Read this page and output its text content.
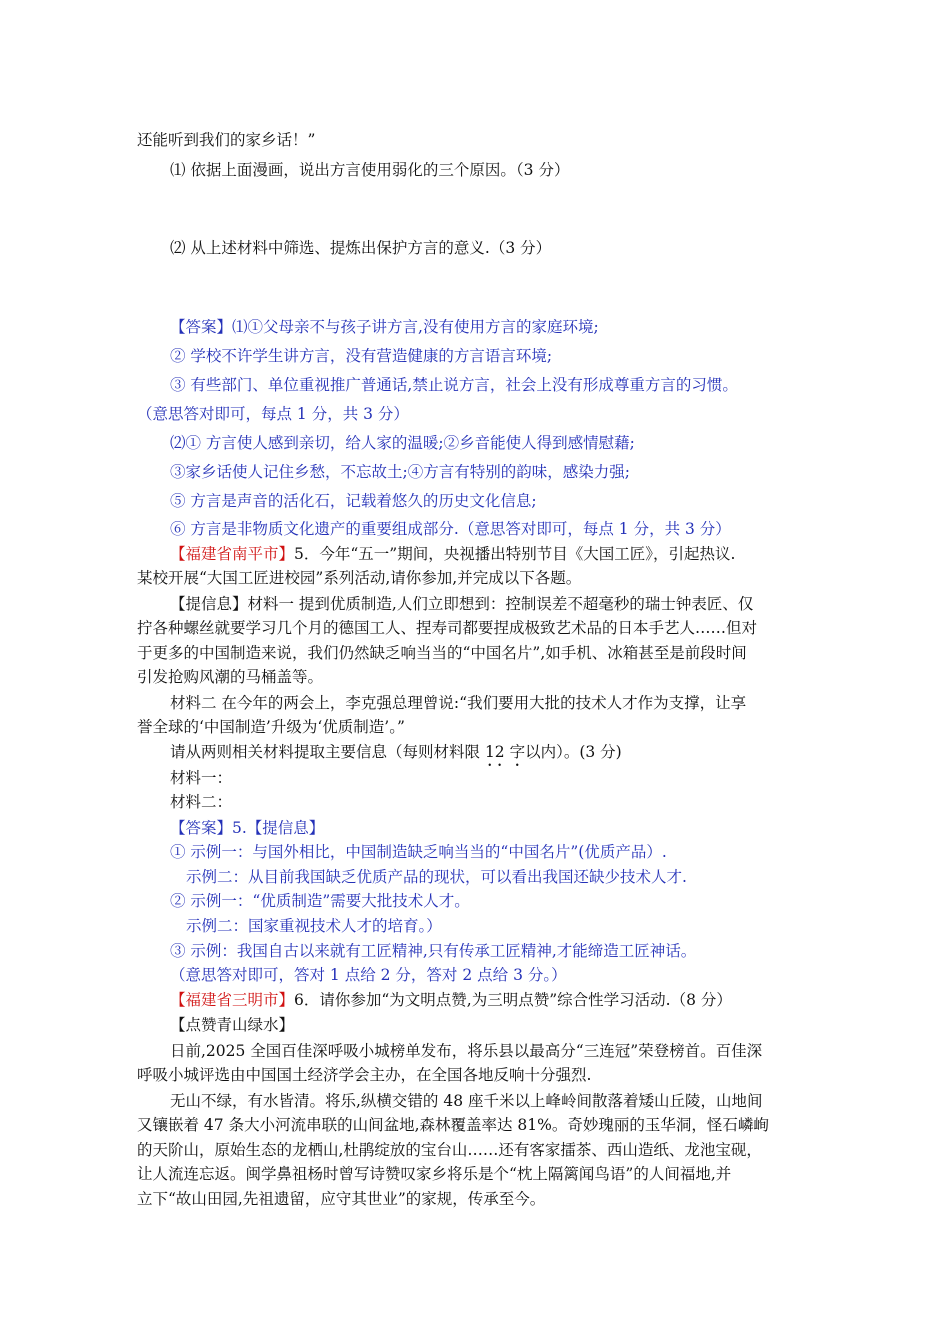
还能听到我们的家乡话！”
⑴ 依据上面漫画，说出方言使用弱化的三个原因。（3 分）
⑵ 从上述材料中筛选、提炼出保护方言的意义.（3 分）
【答案】⑴①父母亲不与孩子讲方言,没有使用方言的家庭环境;
② 学校不许学生讲方言，没有营造健康的方言语言环境;
③ 有些部门、单位重视推广普通话,禁止说方言，社会上没有形成尊重方言的习惯。
（意思答对即可，每点 1 分，共 3 分）
⑵① 方言使人感到亲切，给人家的温暖;②乡音能使人得到感情慰藉;
③家乡话使人记住乡愁，不忘故土;④方言有特别的韵味，感染力强;
⑤ 方言是声音的活化石，记载着悠久的历史文化信息;
⑥ 方言是非物质文化遗产的重要组成部分.（意思答对即可，每点 1 分，共 3 分）
【福建省南平市】5．今年“五一”期间，央视播出特别节目《大国工匠》，引起热议.
某校开展“大国工匠进校园”系列活动,请你参加,并完成以下各题。
【提信息】材料一 提到优质制造,人们立即想到：控制误差不超毫秒的瑞士钟表匠、仅
拧各种螺丝就要学习几个月的德国工人、捏寿司都要捏成极致艺术品的日本手艺人……但对
于更多的中国制造来说，我们仍然缺乏响当当的“中国名片”,如手机、冰箱甚至是前段时间
引发抢购风潮的马桶盖等。
材料二 在今年的两会上，李克强总理曾说:“我们要用大批的技术人才作为支撑，让享
誉全球的‘中国制造’升级为‘优质制造’。”
请从两则相关材料提取主要信息（每则材料限 12 字以内）。(3 分)
材料一：
材料二：
【答案】5.【提信息】
① 示例一：与国外相比，中国制造缺乏响当当的“中国名片”(优质产品）.
示例二：从目前我国缺乏优质产品的现状，可以看出我国还缺少技术人才.
② 示例一：“优质制造”需要大批技术人才。
示例二：国家重视技术人才的培育。）
③ 示例：我国自古以来就有工匠精神,只有传承工匠精神,才能缔造工匠神话。
（意思答对即可，答对 1 点给 2 分，答对 2 点给 3 分。）
【福建省三明市】6．请你参加“为文明点赞,为三明点赞”综合性学习活动.（8 分）
【点赞青山绿水】
日前,2025 全国百佳深呼吸小城榜单发布，将乐县以最高分“三连冠”荣登榜首。百佳深
呼吸小城评选由中国国土经济学会主办，在全国各地反响十分强烈.
无山不绿，有水皆清。将乐,纵横交错的 48 座千米以上峰岭间散落着矮山丘陵，山地间
又镶嵌着 47 条大小河流串联的山间盆地,森林覆盖率达 81%。奇妙瑰丽的玉华洞，怪石嶙峋
的天阶山，原始生态的龙栖山,杜鹃绽放的宝台山……还有客家擂茶、西山造纸、龙池宝砚，
让人流连忘返。闽学鼻祖杨时曾写诗赞叹家乡将乐是个“枕上隔篱闻鸟语”的人间福地,并
立下“故山田园,先祖遗留，应守其世业”的家规，传承至今。
